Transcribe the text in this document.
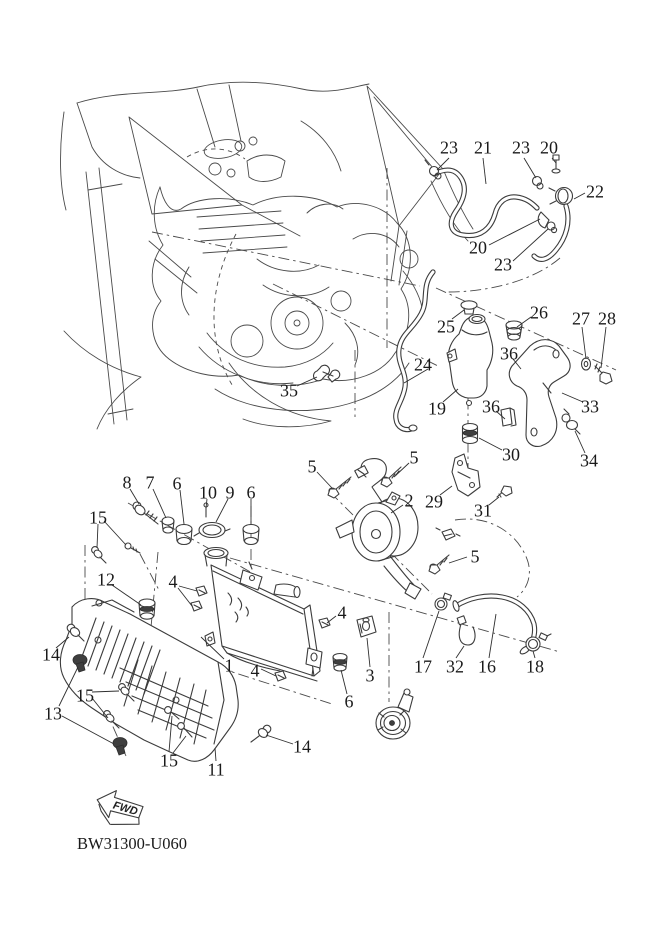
FWD
BW31300-U060
23 21 23 20
22
20
23
25
26 27 28
24
36
19 36	33
30	34
35
5	5
2 29 31
5
8 7 6 10 9 6
15
12	4
4
17 32 16 18
14
1 4	3
6
13
15
15 11
14
